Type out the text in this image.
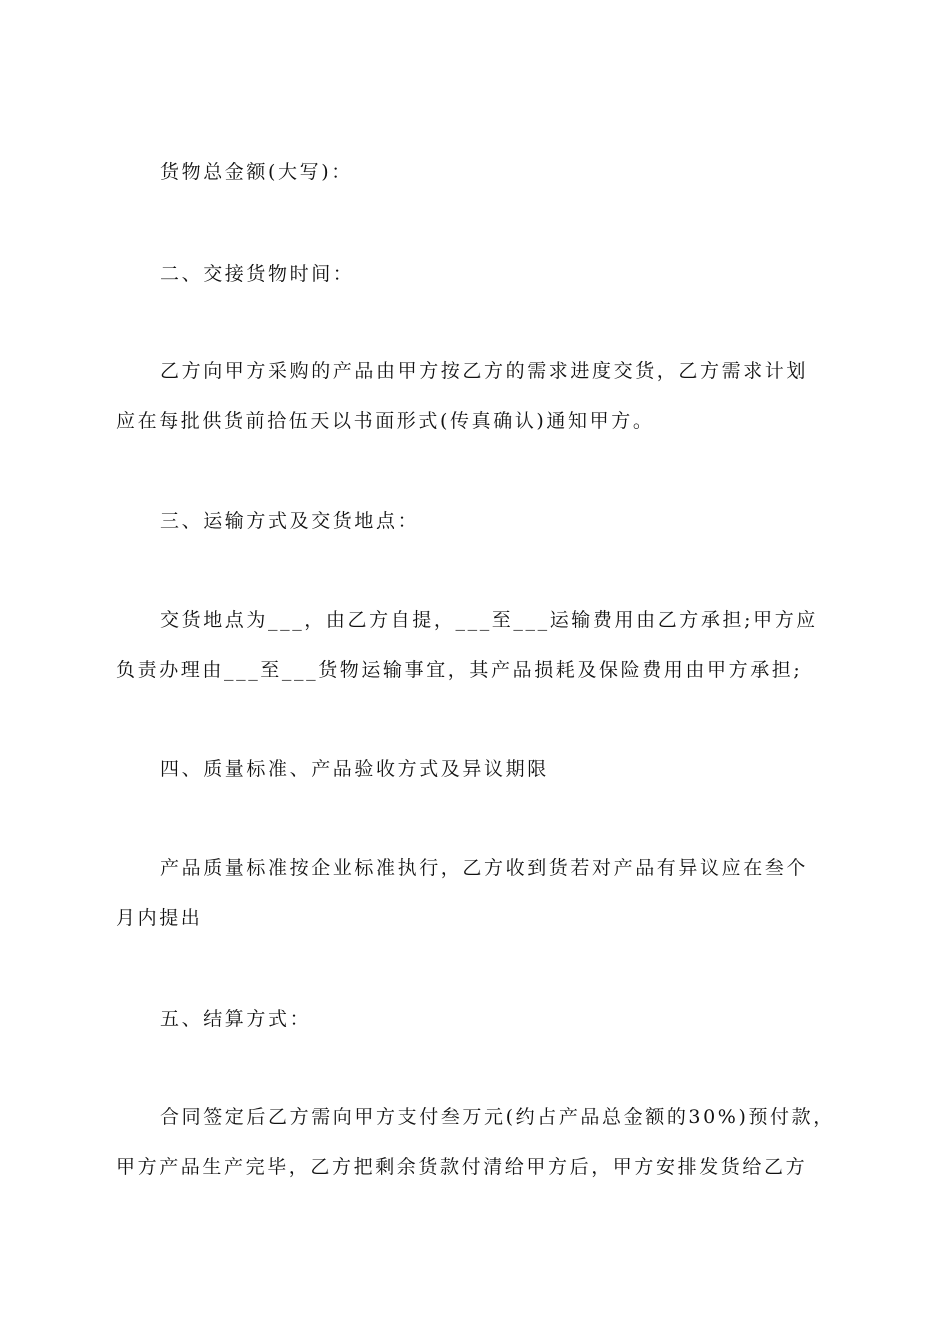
货物总金额(大写)：
二、交接货物时间：
乙方向甲方采购的产品由甲方按乙方的需求进度交货，乙方需求计划
应在每批供货前拾伍天以书面形式(传真确认)通知甲方。
三、运输方式及交货地点：
交货地点为___，由乙方自提，___至___运输费用由乙方承担;甲方应
负责办理由___至___货物运输事宜，其产品损耗及保险费用由甲方承担;
四、质量标准、产品验收方式及异议期限
产品质量标准按企业标准执行，乙方收到货若对产品有异议应在叁个
月内提出
五、结算方式：
合同签定后乙方需向甲方支付叁万元(约占产品总金额的30%)预付款，
甲方产品生产完毕，乙方把剩余货款付清给甲方后，甲方安排发货给乙方
